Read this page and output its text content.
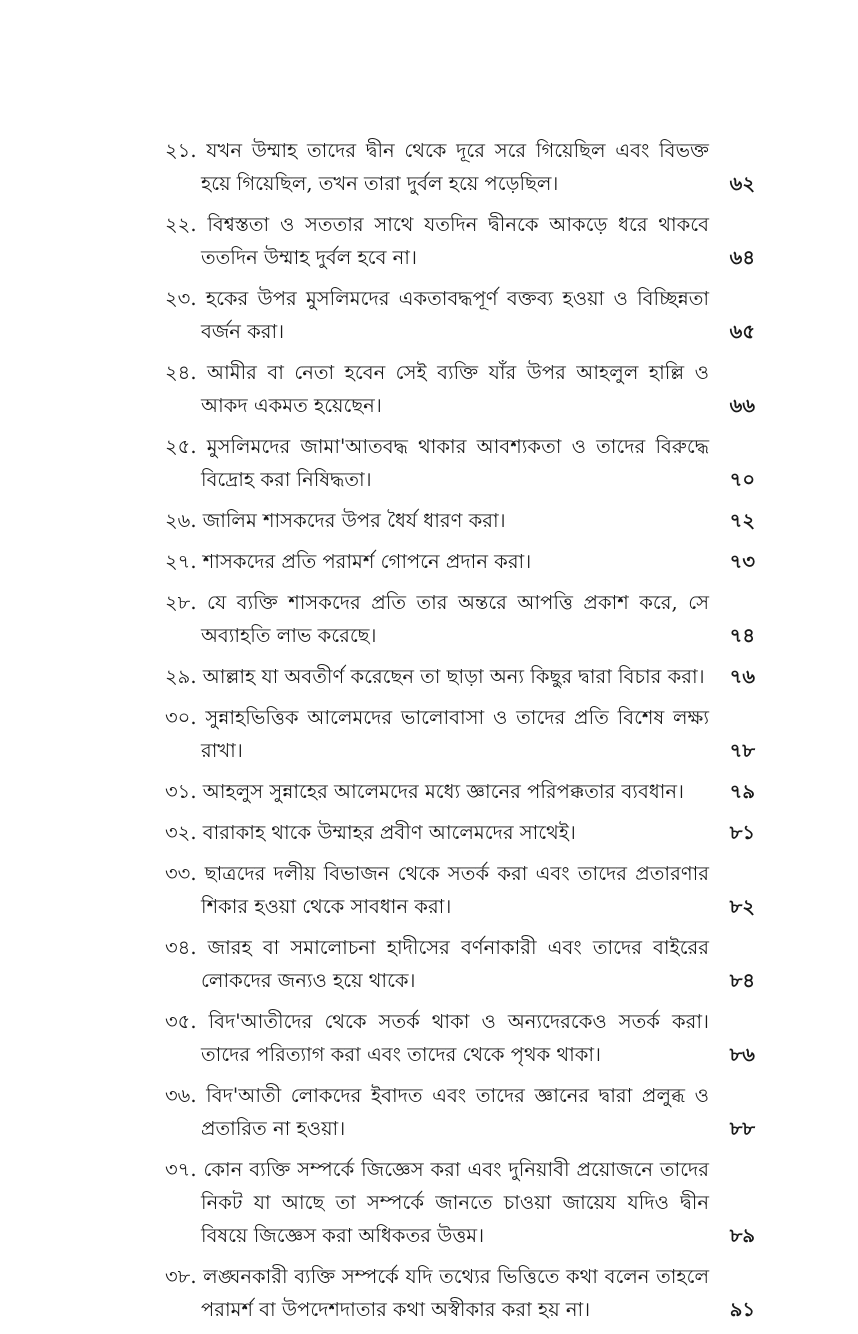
২১. যখন উম্মাহ তাদের দ্বীন থেকে দূরে সরে গিয়েছিল এবং বিভক্ত হয়ে গিয়েছিল, তখন তারা দুর্বল হয়ে পড়েছিল।	৬২
২২. বিশ্বস্ততা ও সততার সাথে যতদিন দ্বীনকে আকড়ে ধরে থাকবে ততদিন উম্মাহ দুর্বল হবে না।	৬৪
২৩. হকের উপর মুসলিমদের একতাবদ্ধপূর্ণ বক্তব্য হওয়া ও বিচ্ছিন্নতা বর্জন করা।	৬৫
২৪. আমীর বা নেতা হবেন সেই ব্যক্তি যাঁর উপর আহলুল হাল্লি ও আকদ একমত হয়েছেন।	৬৬
২৫. মুসলিমদের জামা'আতবদ্ধ থাকার আবশ্যকতা ও তাদের বিরুদ্ধে বিদ্রোহ করা নিষিদ্ধতা।	৭০
২৬. জালিম শাসকদের উপর ধৈর্য ধারণ করা।	৭২
২৭. শাসকদের প্রতি পরামর্শ গোপনে প্রদান করা।	৭৩
২৮. যে ব্যক্তি শাসকদের প্রতি তার অন্তরে আপত্তি প্রকাশ করে, সে অব্যাহতি লাভ করেছে।	৭৪
২৯. আল্লাহ যা অবতীর্ণ করেছেন তা ছাড়া অন্য কিছুর দ্বারা বিচার করা।	৭৬
৩০. সুন্নাহভিত্তিক আলেমদের ভালোবাসা ও তাদের প্রতি বিশেষ লক্ষ্য রাখা।	৭৮
৩১. আহলুস সুন্নাহের আলেমদের মধ্যে জ্ঞানের পরিপক্কতার ব্যবধান।	৭৯
৩২. বারাকাহ থাকে উম্মাহর প্রবীণ আলেমদের সাথেই।	৮১
৩৩. ছাত্রদের দলীয় বিভাজন থেকে সতর্ক করা এবং তাদের প্রতারণার শিকার হওয়া থেকে সাবধান করা।	৮২
৩৪. জারহ বা সমালোচনা হাদীসের বর্ণনাকারী এবং তাদের বাইরের লোকদের জন্যও হয়ে থাকে।	৮৪
৩৫. বিদ'আতীদের থেকে সতর্ক থাকা ও অন্যদেরকেও সতর্ক করা। তাদের পরিত্যাগ করা এবং তাদের থেকে পৃথক থাকা।	৮৬
৩৬. বিদ'আতী লোকদের ইবাদত এবং তাদের জ্ঞানের দ্বারা প্রলুব্ধ ও প্রতারিত না হওয়া।	৮৮
৩৭. কোন ব্যক্তি সম্পর্কে জিজ্ঞেস করা এবং দুনিয়াবী প্রয়োজনে তাদের নিকট যা আছে তা সম্পর্কে জানতে চাওয়া জায়েয যদিও দ্বীন বিষয়ে জিজ্ঞেস করা অধিকতর উত্তম।	৮৯
৩৮. লঙ্ঘনকারী ব্যক্তি সম্পর্কে যদি তথ্যের ভিত্তিতে কথা বলেন তাহলে পরামর্শ বা উপদেশদাতার কথা অস্বীকার করা হয় না।	৯১
